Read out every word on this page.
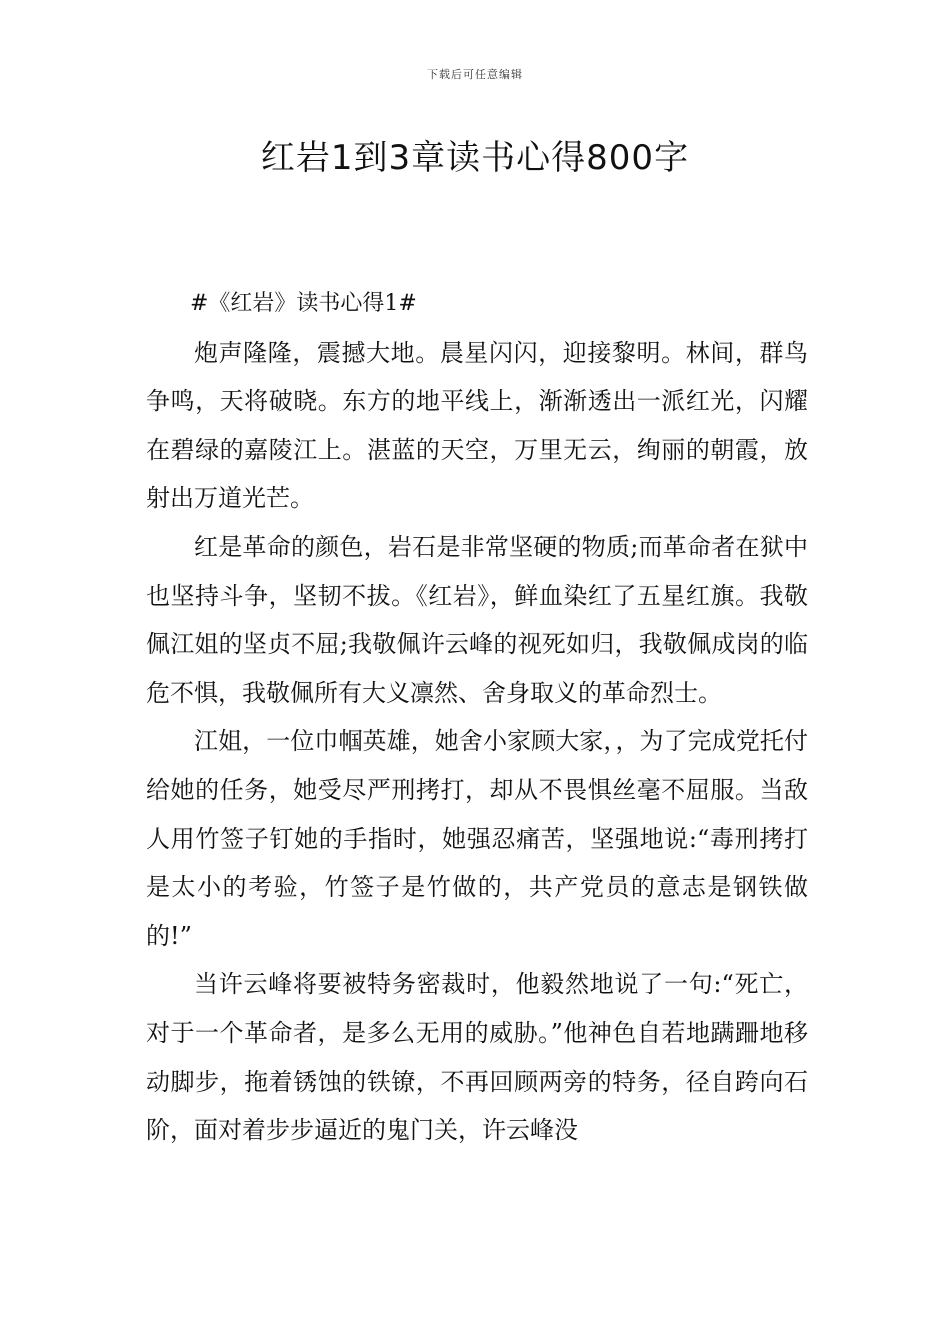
下载后可任意编辑
红岩1到3章读书心得800字

#《红岩》读书心得1#

炮声隆隆，震撼大地。晨星闪闪，迎接黎明。林间，群鸟争鸣，天将破晓。东方的地平线上，渐渐透出一派红光，闪耀在碧绿的嘉陵江上。湛蓝的天空，万里无云，绚丽的朝霞，放射出万道光芒。

红是革命的颜色，岩石是非常坚硬的物质;而革命者在狱中也坚持斗争，坚韧不拔。《红岩》，鲜血染红了五星红旗。我敬佩江姐的坚贞不屈;我敬佩许云峰的视死如归，我敬佩成岗的临危不惧，我敬佩所有大义凛然、舍身取义的革命烈士。

江姐，一位巾帼英雄，她舍小家顾大家，，为了完成党托付给她的任务，她受尽严刑拷打，却从不畏惧丝毫不屈服。当敌人用竹签子钉她的手指时，她强忍痛苦，坚强地说:“毒刑拷打是太小的考验，竹签子是竹做的，共产党员的意志是钢铁做的!”

当许云峰将要被特务密裁时，他毅然地说了一句:“死亡，对于一个革命者，是多么无用的威胁。”他神色自若地蹒跚地移动脚步，拖着锈蚀的铁镣，不再回顾两旁的特务，径自跨向石阶，面对着步步逼近的鬼门关，许云峰没
